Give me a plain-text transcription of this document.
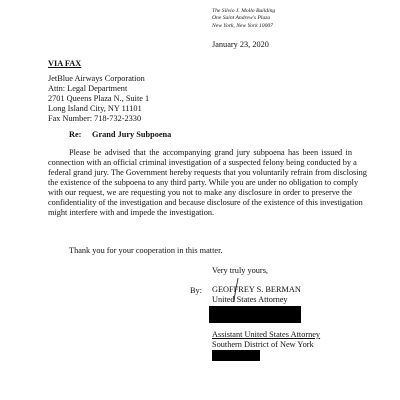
The Silvio J. Mollo Building
One Saint Andrew's Plaza
New York, New York 10007
January 23, 2020
VIA FAX
JetBlue Airways Corporation
Attn: Legal Department
2701 Queens Plaza N., Suite 1
Long Island City, NY 11101
Fax Number: 718-732-2330
Re: Grand Jury Subpoena
Please be advised that the accompanying grand jury subpoena has been issued in
connection with an official criminal investigation of a suspected felony being conducted by a
federal grand jury. The Government hereby requests that you voluntarily refrain from disclosing
the existence of the subpoena to any third party. While you are under no obligation to comply
with our request, we are requesting you not to make any disclosure in order to preserve the
confidentiality of the investigation and because disclosure of the existence of this investigation
might interfere with and impede the investigation.
Thank you for your cooperation in this matter.
Very truly yours,
GEOFFREY S. BERMAN
United States Attorney
By:
Assistant United States Attorney
Southern District of New York
